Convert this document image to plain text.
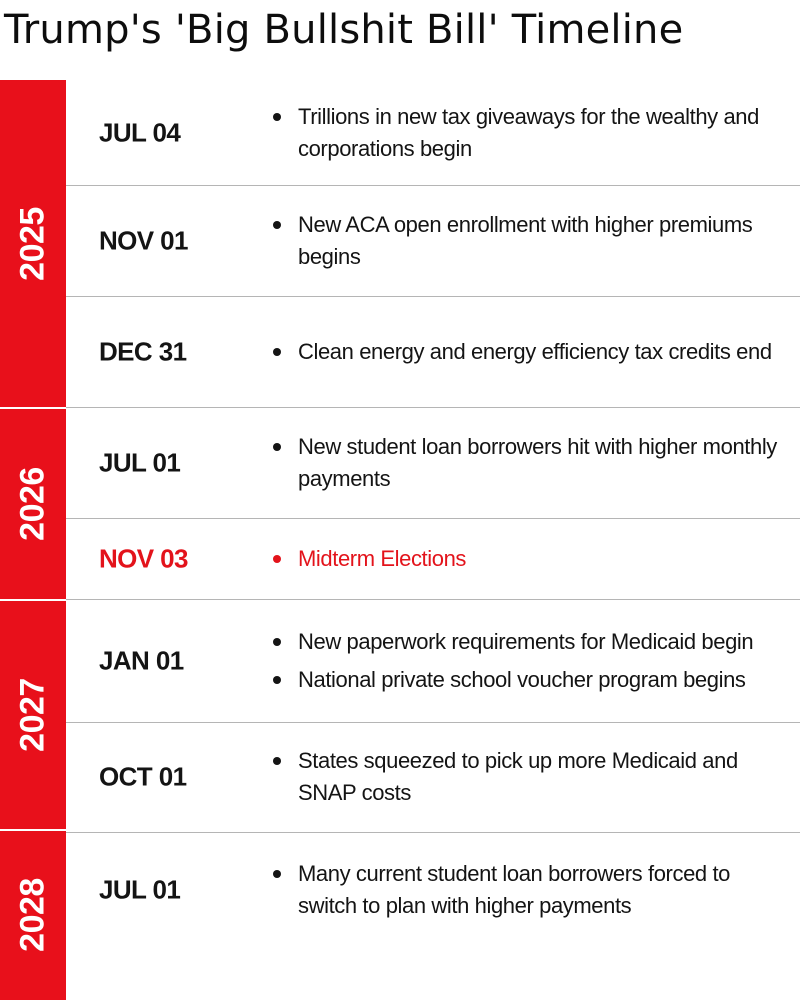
Trump's 'Big Bullshit Bill' Timeline
2025
2026
2027
2028
JUL 04
Trillions in new tax giveaways for the wealthy and corporations begin
NOV 01
New ACA open enrollment with higher premiums begins
DEC 31	Clean energy and energy efficiency tax credits end
JUL 01
New student loan borrowers hit with higher monthly payments
NOV 03	Midterm Elections
JAN 01
New paperwork requirements for Medicaid begin
National private school voucher program begins
OCT 01
States squeezed to pick up more Medicaid and SNAP costs
JUL 01
Many current student loan borrowers forced to switch to plan with higher payments
